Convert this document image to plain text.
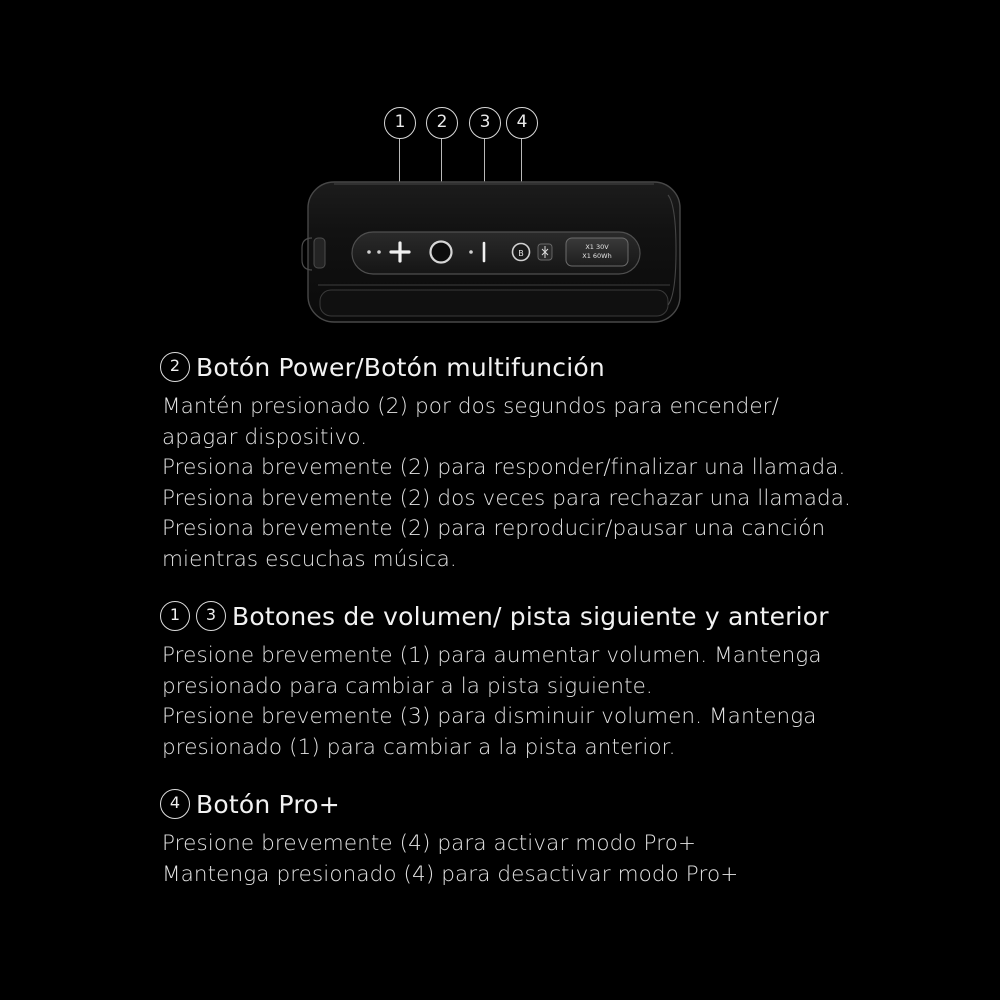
1	2	3	4
B
X1 30V
X1 60Wh
2 Botón Power/Botón multifunción

Mantén presionado (2) por dos segundos para encender/

apagar dispositivo.

Presiona brevemente (2) para responder/finalizar una llamada.

Presiona brevemente (2) dos veces para rechazar una llamada.

Presiona brevemente (2) para reproducir/pausar una canción

mientras escuchas música.

1	3 Botones de volumen/ pista siguiente y anterior

Presione brevemente (1) para aumentar volumen. Mantenga

presionado para cambiar a la pista siguiente.

Presione brevemente (3) para disminuir volumen. Mantenga

presionado (1) para cambiar a la pista anterior.

4 Botón Pro+

Presione brevemente (4) para activar modo Pro+

Mantenga presionado (4) para desactivar modo Pro+
